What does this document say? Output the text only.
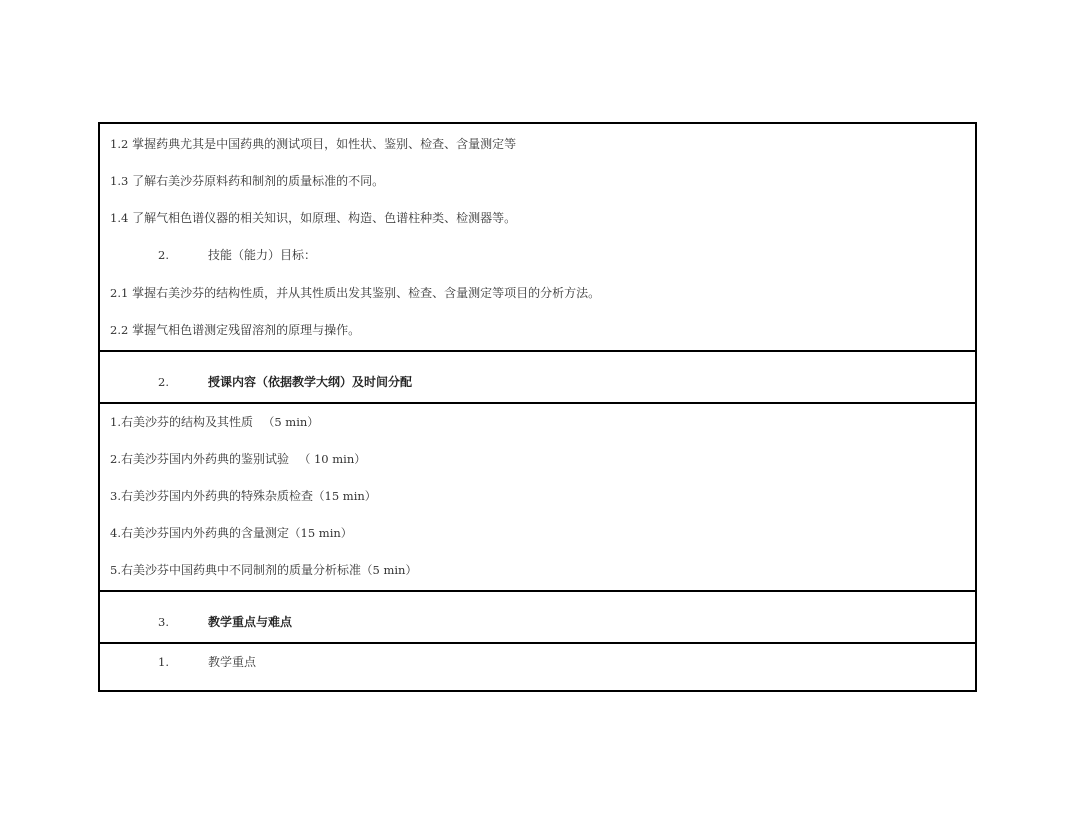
1.2 掌握药典尤其是中国药典的测试项目，如性状、鉴别、检查、含量测定等
1.3 了解右美沙芬原料药和制剂的质量标准的不同。
1.4 了解气相色谱仪器的相关知识，如原理、构造、色谱柱种类、检测器等。
2.	技能（能力）目标：
2.1 掌握右美沙芬的结构性质，并从其性质出发其鉴别、检查、含量测定等项目的分析方法。
2.2 掌握气相色谱测定残留溶剂的原理与操作。
2.	授课内容（依据教学大纲）及时间分配
1.右美沙芬的结构及其性质 （5 min）
2.右美沙芬国内外药典的鉴别试验 （ 10 min）
3.右美沙芬国内外药典的特殊杂质检查（15 min）
4.右美沙芬国内外药典的含量测定（15 min）
5.右美沙芬中国药典中不同制剂的质量分析标准（5 min）
3.	教学重点与难点
1.	教学重点
